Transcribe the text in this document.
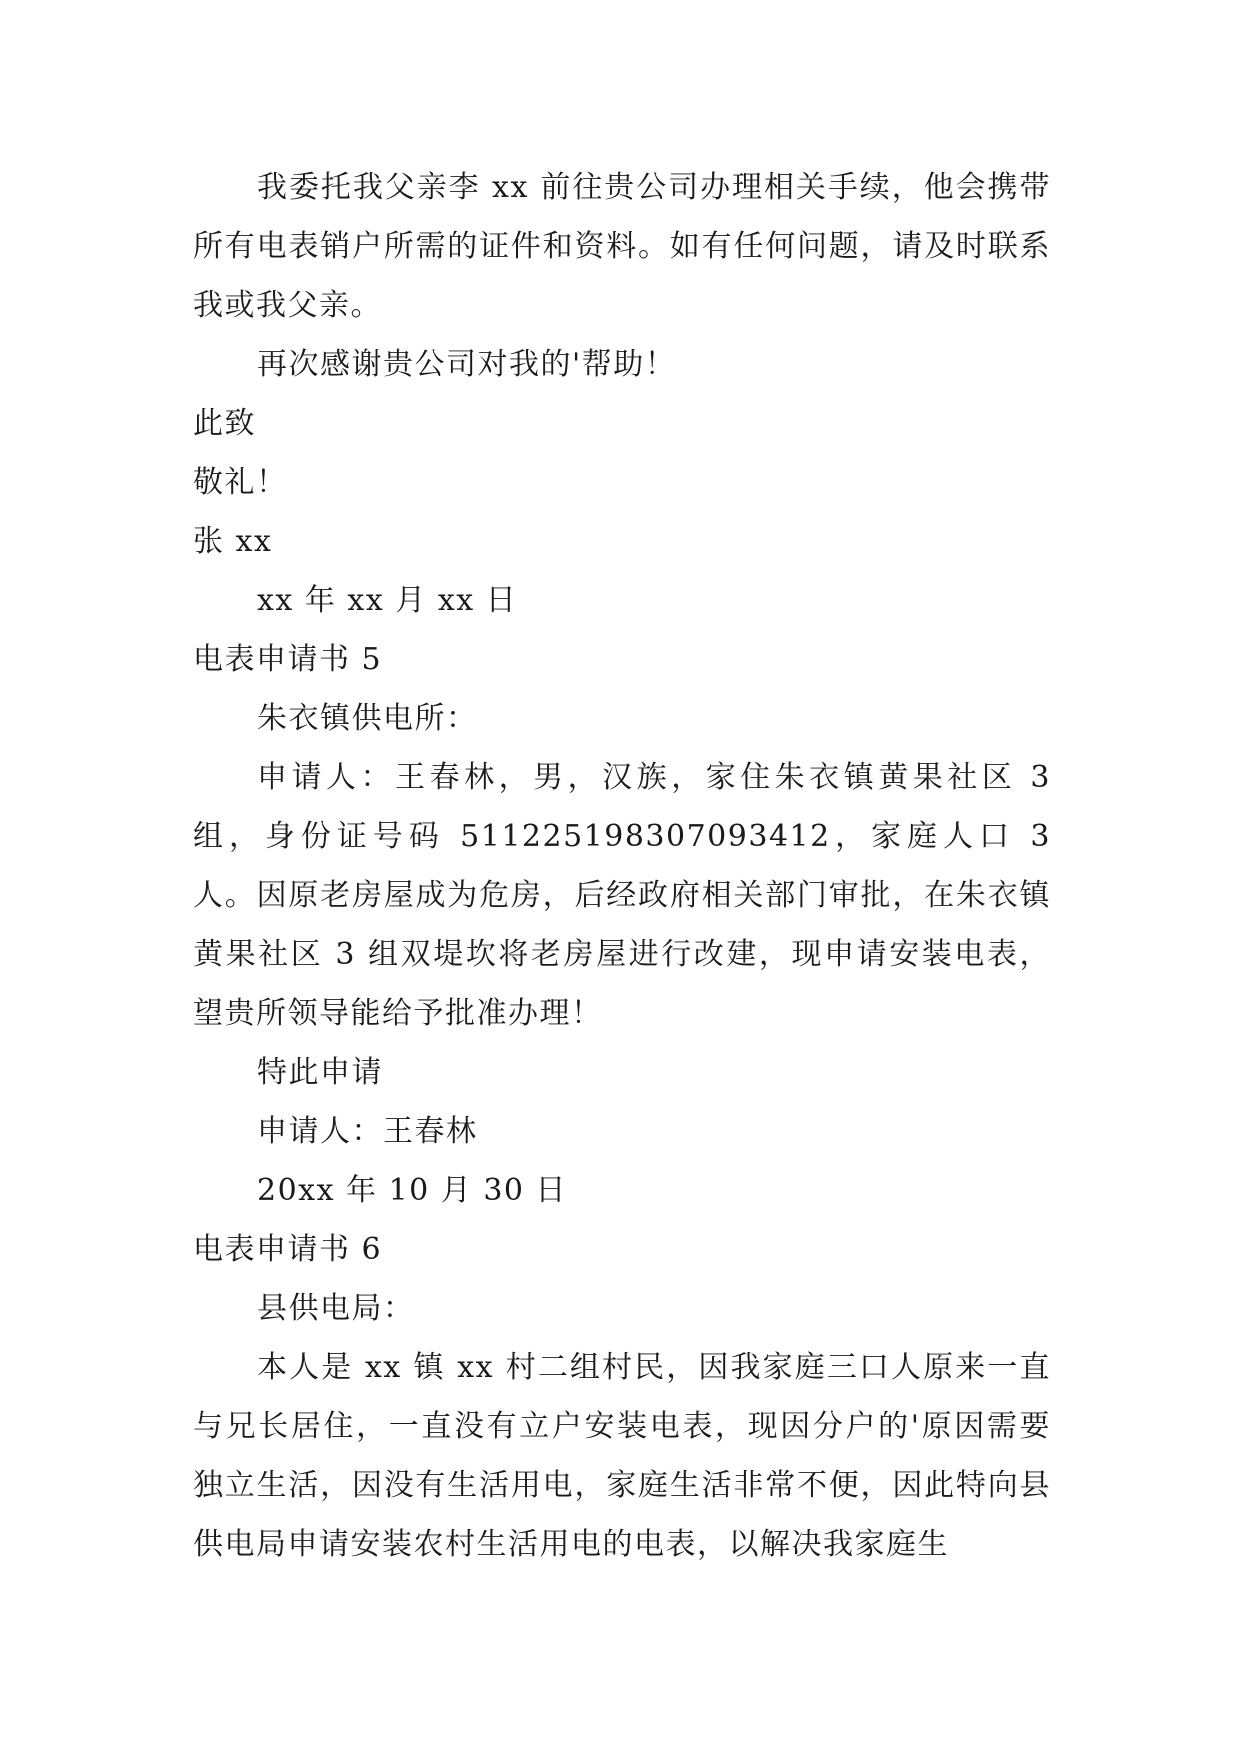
我委托我父亲李 xx 前往贵公司办理相关手续，他会携带所有电表销户所需的证件和资料。如有任何问题，请及时联系我或我父亲。

再次感谢贵公司对我的'帮助！

此致

敬礼！

张 xx

xx 年 xx 月 xx 日

电表申请书 5

朱衣镇供电所：

申请人：王春林，男，汉族，家住朱衣镇黄果社区 3 组，身份证号码 511225198307093412，家庭人口 3 人。因原老房屋成为危房，后经政府相关部门审批，在朱衣镇黄果社区 3 组双堤坎将老房屋进行改建，现申请安装电表，望贵所领导能给予批准办理！

特此申请

申请人：王春林

20xx 年 10 月 30 日

电表申请书 6

县供电局：

本人是 xx 镇 xx 村二组村民，因我家庭三口人原来一直与兄长居住，一直没有立户安装电表，现因分户的'原因需要独立生活，因没有生活用电，家庭生活非常不便，因此特向县供电局申请安装农村生活用电的电表，以解决我家庭生
